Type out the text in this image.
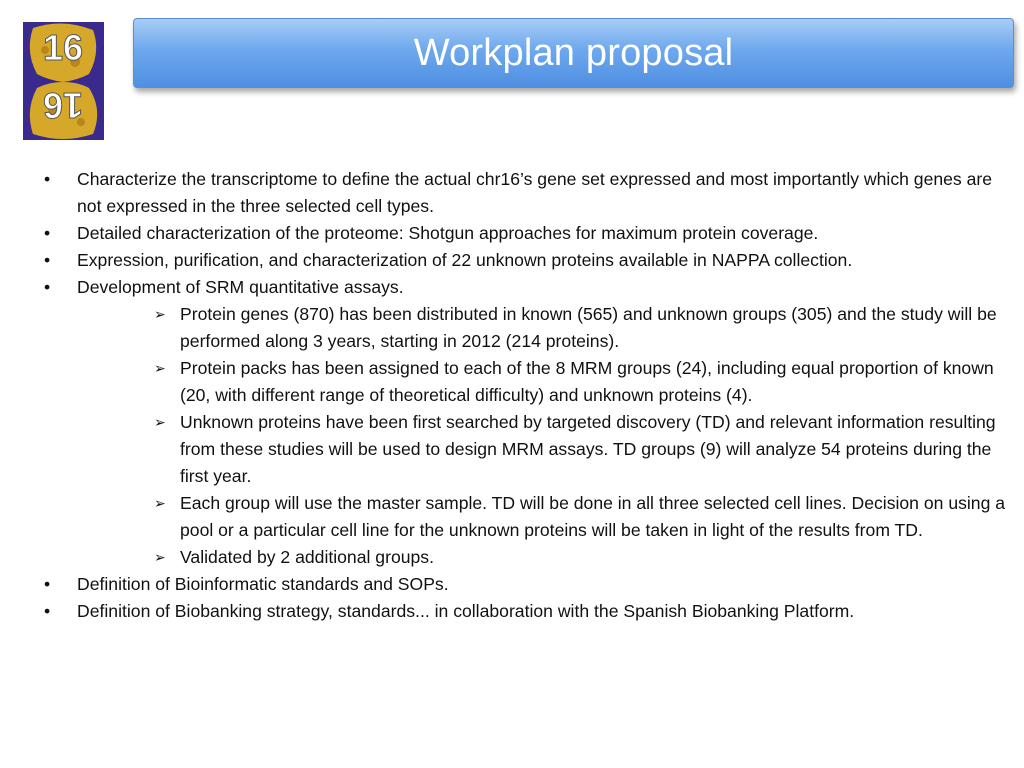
16
16
Workplan proposal
• Characterize the transcriptome to define the actual chr16’s gene set expressed and most importantly which genes are not expressed in the three selected cell types.
• Detailed characterization of the proteome: Shotgun approaches for maximum protein coverage.
• Expression, purification, and characterization of 22 unknown proteins available in NAPPA collection.
• Development of SRM quantitative assays.
➢ Protein genes (870) has been distributed in known (565) and unknown groups (305) and the study will be performed along 3 years, starting in 2012 (214 proteins).
➢ Protein packs has been assigned to each of the 8 MRM groups (24), including equal proportion of known (20, with different range of theoretical difficulty) and unknown proteins (4).
➢ Unknown proteins have been first searched by targeted discovery (TD) and relevant information resulting from these studies will be used to design MRM assays. TD groups (9) will analyze 54 proteins during the first year.
➢ Each group will use the master sample. TD will be done in all three selected cell lines. Decision on using a pool or a particular cell line for the unknown proteins will be taken in light of the results from TD.
➢ Validated by 2 additional groups.
• Definition of Bioinformatic standards and SOPs.
• Definition of Biobanking strategy, standards... in collaboration with the Spanish Biobanking Platform.
